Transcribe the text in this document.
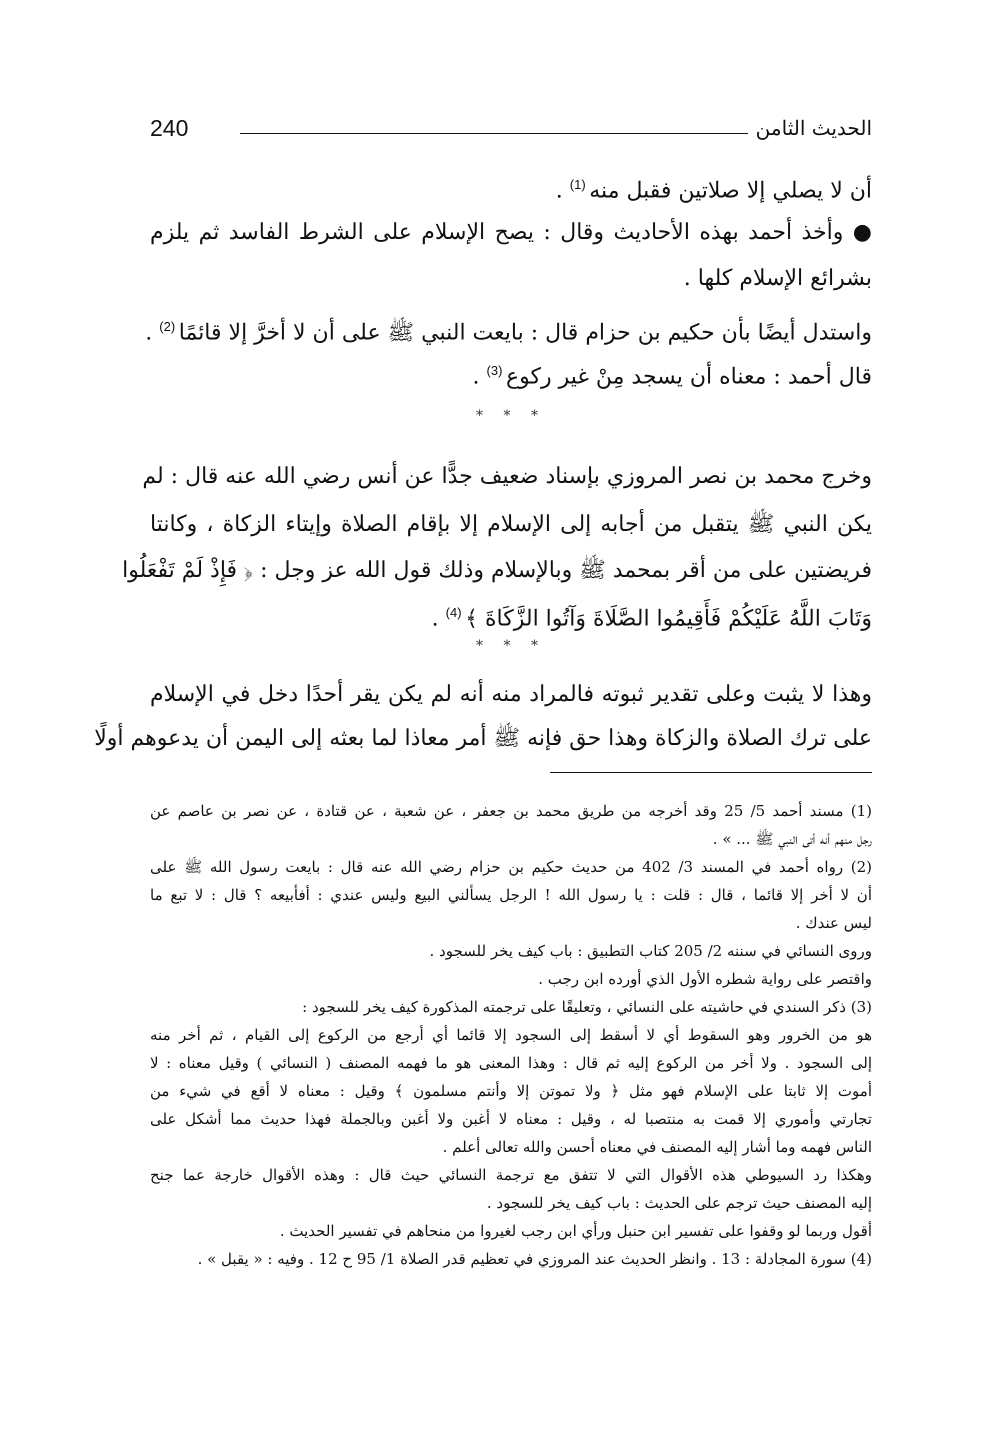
240	الحديث الثامن
أن لا يصلي إلا صلاتين فقبل منه $^{(1)}$ .
● وأخذ أحمد بهذه الأحاديث وقال : يصح الإسلام على الشرط الفاسد ثم يلزم
بشرائع الإسلام كلها .
واستدل أيضًا بأن حكيم بن حزام قال : بايعت النبي ﷺ على أن لا أخرَّ إلا قائمًا $^{(2)}$ .
قال أحمد : معناه أن يسجد مِنْ غير ركوع $^{(3)}$ .
* * *
وخرج محمد بن نصر المروزي بإسناد ضعيف جدًّا عن أنس رضي الله عنه قال : لم
يكن النبي ﷺ يتقبل من أجابه إلى الإسلام إلا بإقام الصلاة وإيتاء الزكاة ، وكانتا
فريضتين على من أقر بمحمد ﷺ وبالإسلام وذلك قول الله عز وجل : ﴿ فَإِذْ لَمْ تَفْعَلُوا
وَتَابَ اللَّهُ عَلَيْكُمْ فَأَقِيمُوا الصَّلَاةَ وَآتُوا الزَّكَاةَ ﴾ $^{(4)}$ .
* * *
وهذا لا يثبت وعلى تقدير ثبوته فالمراد منه أنه لم يكن يقر أحدًا دخل في الإسلام
على ترك الصلاة والزكاة وهذا حق فإنه ﷺ أمر معاذا لما بعثه إلى اليمن أن يدعوهم أولًا
(1) مسند أحمد 5/ 25 وقد أخرجه من طريق محمد بن جعفر ، عن شعبة ، عن قتادة ، عن نصر بن عاصم عن
رجل منهم أنه أتى النبي ﷺ ... » .
(2) رواه أحمد في المسند 3/ 402 من حديث حكيم بن حزام رضي الله عنه قال : بايعت رسول الله ﷺ على
أن لا أخر إلا قائما ، قال : قلت : يا رسول الله ! الرجل يسألني البيع وليس عندي : أفأبيعه ؟ قال : لا تبع ما
ليس عندك .
وروى النسائي في سننه 2/ 205 كتاب التطبيق : باب كيف يخر للسجود .
واقتصر على رواية شطره الأول الذي أورده ابن رجب .
(3) ذكر السندي في حاشيته على النسائي ، وتعليقًا على ترجمته المذكورة كيف يخر للسجود :
هو من الخرور وهو السقوط أي لا أسقط إلى السجود إلا قائما أي أرجع من الركوع إلى القيام ، ثم أخر منه
إلى السجود . ولا أخر من الركوع إليه ثم قال : وهذا المعنى هو ما فهمه المصنف ( النسائي ) وقيل معناه : لا
أموت إلا ثابتا على الإسلام فهو مثل ﴿ ولا تموتن إلا وأنتم مسلمون ﴾ وقيل : معناه لا أقع في شيء من
تجارتي وأموري إلا قمت به منتصبا له ، وقيل : معناه لا أغبن ولا أغبن وبالجملة فهذا حديث مما أشكل على
الناس فهمه وما أشار إليه المصنف في معناه أحسن والله تعالى أعلم .
وهكذا رد السيوطي هذه الأقوال التي لا تتفق مع ترجمة النسائي حيث قال : وهذه الأقوال خارجة عما جنح
إليه المصنف حيث ترجم على الحديث : باب كيف يخر للسجود .
أقول وربما لو وقفوا على تفسير ابن حنبل ورأي ابن رجب لغيروا من منحاهم في تفسير الحديث .
(4) سورة المجادلة : 13 . وانظر الحديث عند المروزي في تعظيم قدر الصلاة 1/ 95 ح 12 . وفيه : « يقبل » .
